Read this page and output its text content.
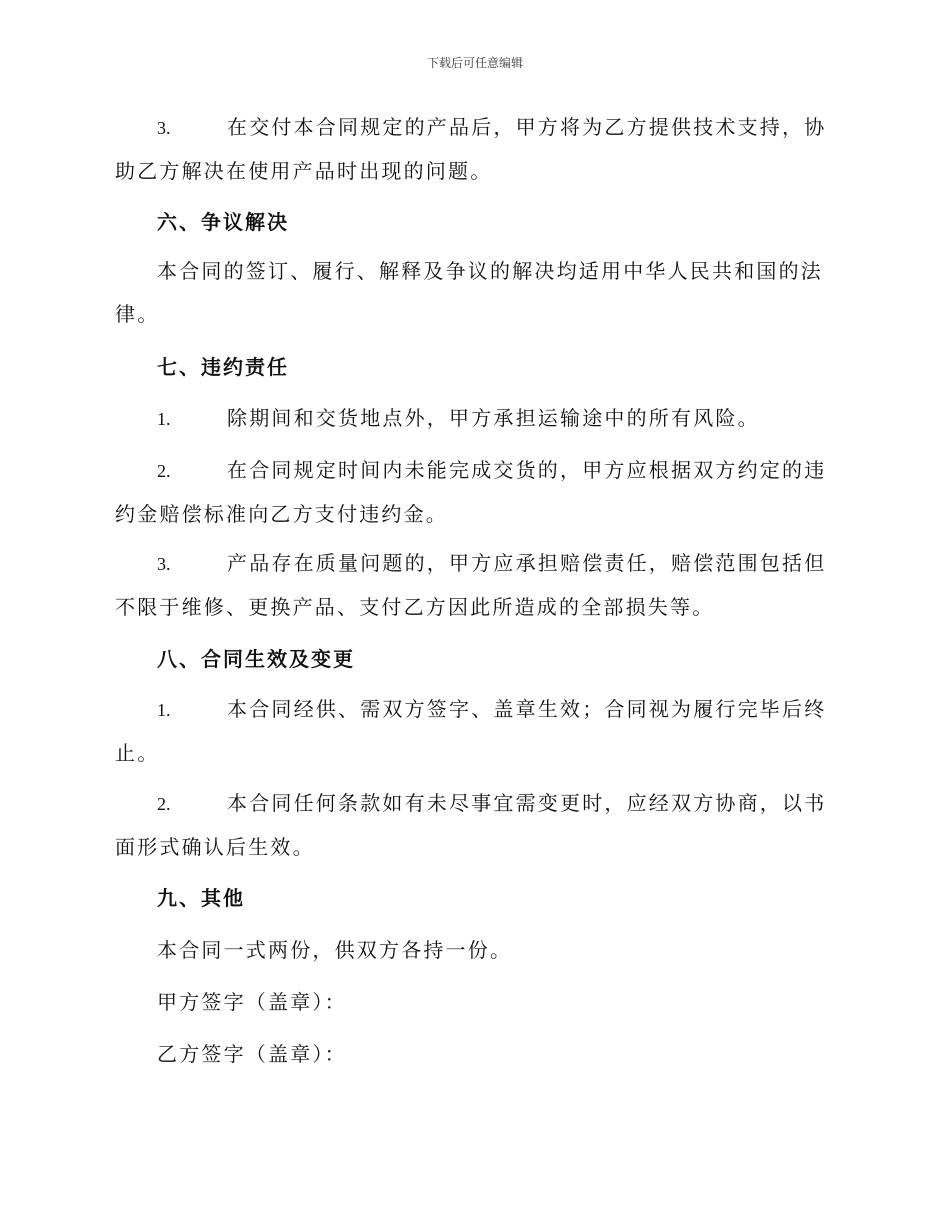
下载后可任意编辑
3.	在交付本合同规定的产品后，甲方将为乙方提供技术支持，协助乙方解决在使用产品时出现的问题。
六、争议解决
本合同的签订、履行、解释及争议的解决均适用中华人民共和国的法律。
七、违约责任
1.	除期间和交货地点外，甲方承担运输途中的所有风险。
2.	在合同规定时间内未能完成交货的，甲方应根据双方约定的违约金赔偿标准向乙方支付违约金。
3.	产品存在质量问题的，甲方应承担赔偿责任，赔偿范围包括但不限于维修、更换产品、支付乙方因此所造成的全部损失等。
八、合同生效及变更
1.	本合同经供、需双方签字、盖章生效；合同视为履行完毕后终止。
2.	本合同任何条款如有未尽事宜需变更时，应经双方协商，以书面形式确认后生效。
九、其他
本合同一式两份，供双方各持一份。
甲方签字（盖章）：
乙方签字（盖章）：
